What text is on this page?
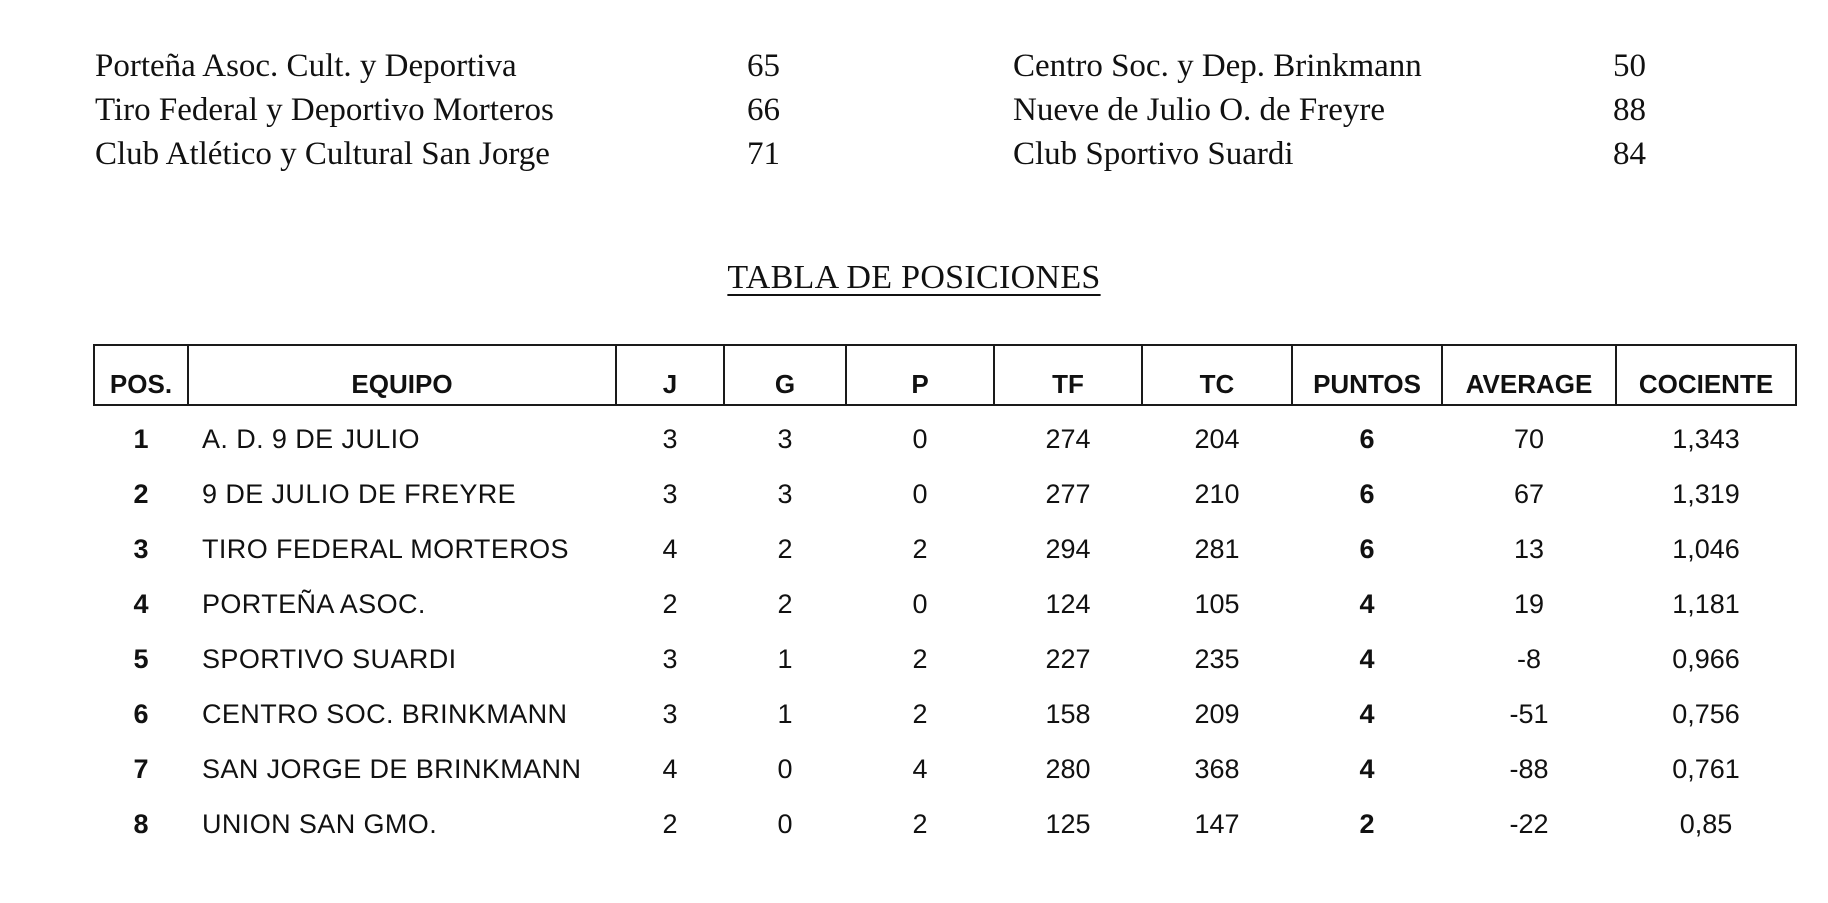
Porteña Asoc. Cult. y Deportiva	65	Centro Soc. y Dep. Brinkmann	50
Tiro Federal y Deportivo Morteros	66	Nueve de Julio O. de Freyre	88
Club Atlético y Cultural San Jorge	71	Club Sportivo Suardi	84
TABLA DE POSICIONES
POS.	EQUIPO	J	G	P	TF	TC	PUNTOS	AVERAGE	COCIENTE
1	A. D. 9 DE JULIO	3	3	0	274	204	6	70	1,343
2	9 DE JULIO DE FREYRE	3	3	0	277	210	6	67	1,319
3	TIRO FEDERAL MORTEROS	4	2	2	294	281	6	13	1,046
4	PORTEÑA ASOC.	2	2	0	124	105	4	19	1,181
5	SPORTIVO SUARDI	3	1	2	227	235	4	-8	0,966
6	CENTRO SOC. BRINKMANN	3	1	2	158	209	4	-51	0,756
7	SAN JORGE DE BRINKMANN	4	0	4	280	368	4	-88	0,761
8	UNION SAN GMO.	2	0	2	125	147	2	-22	0,85
